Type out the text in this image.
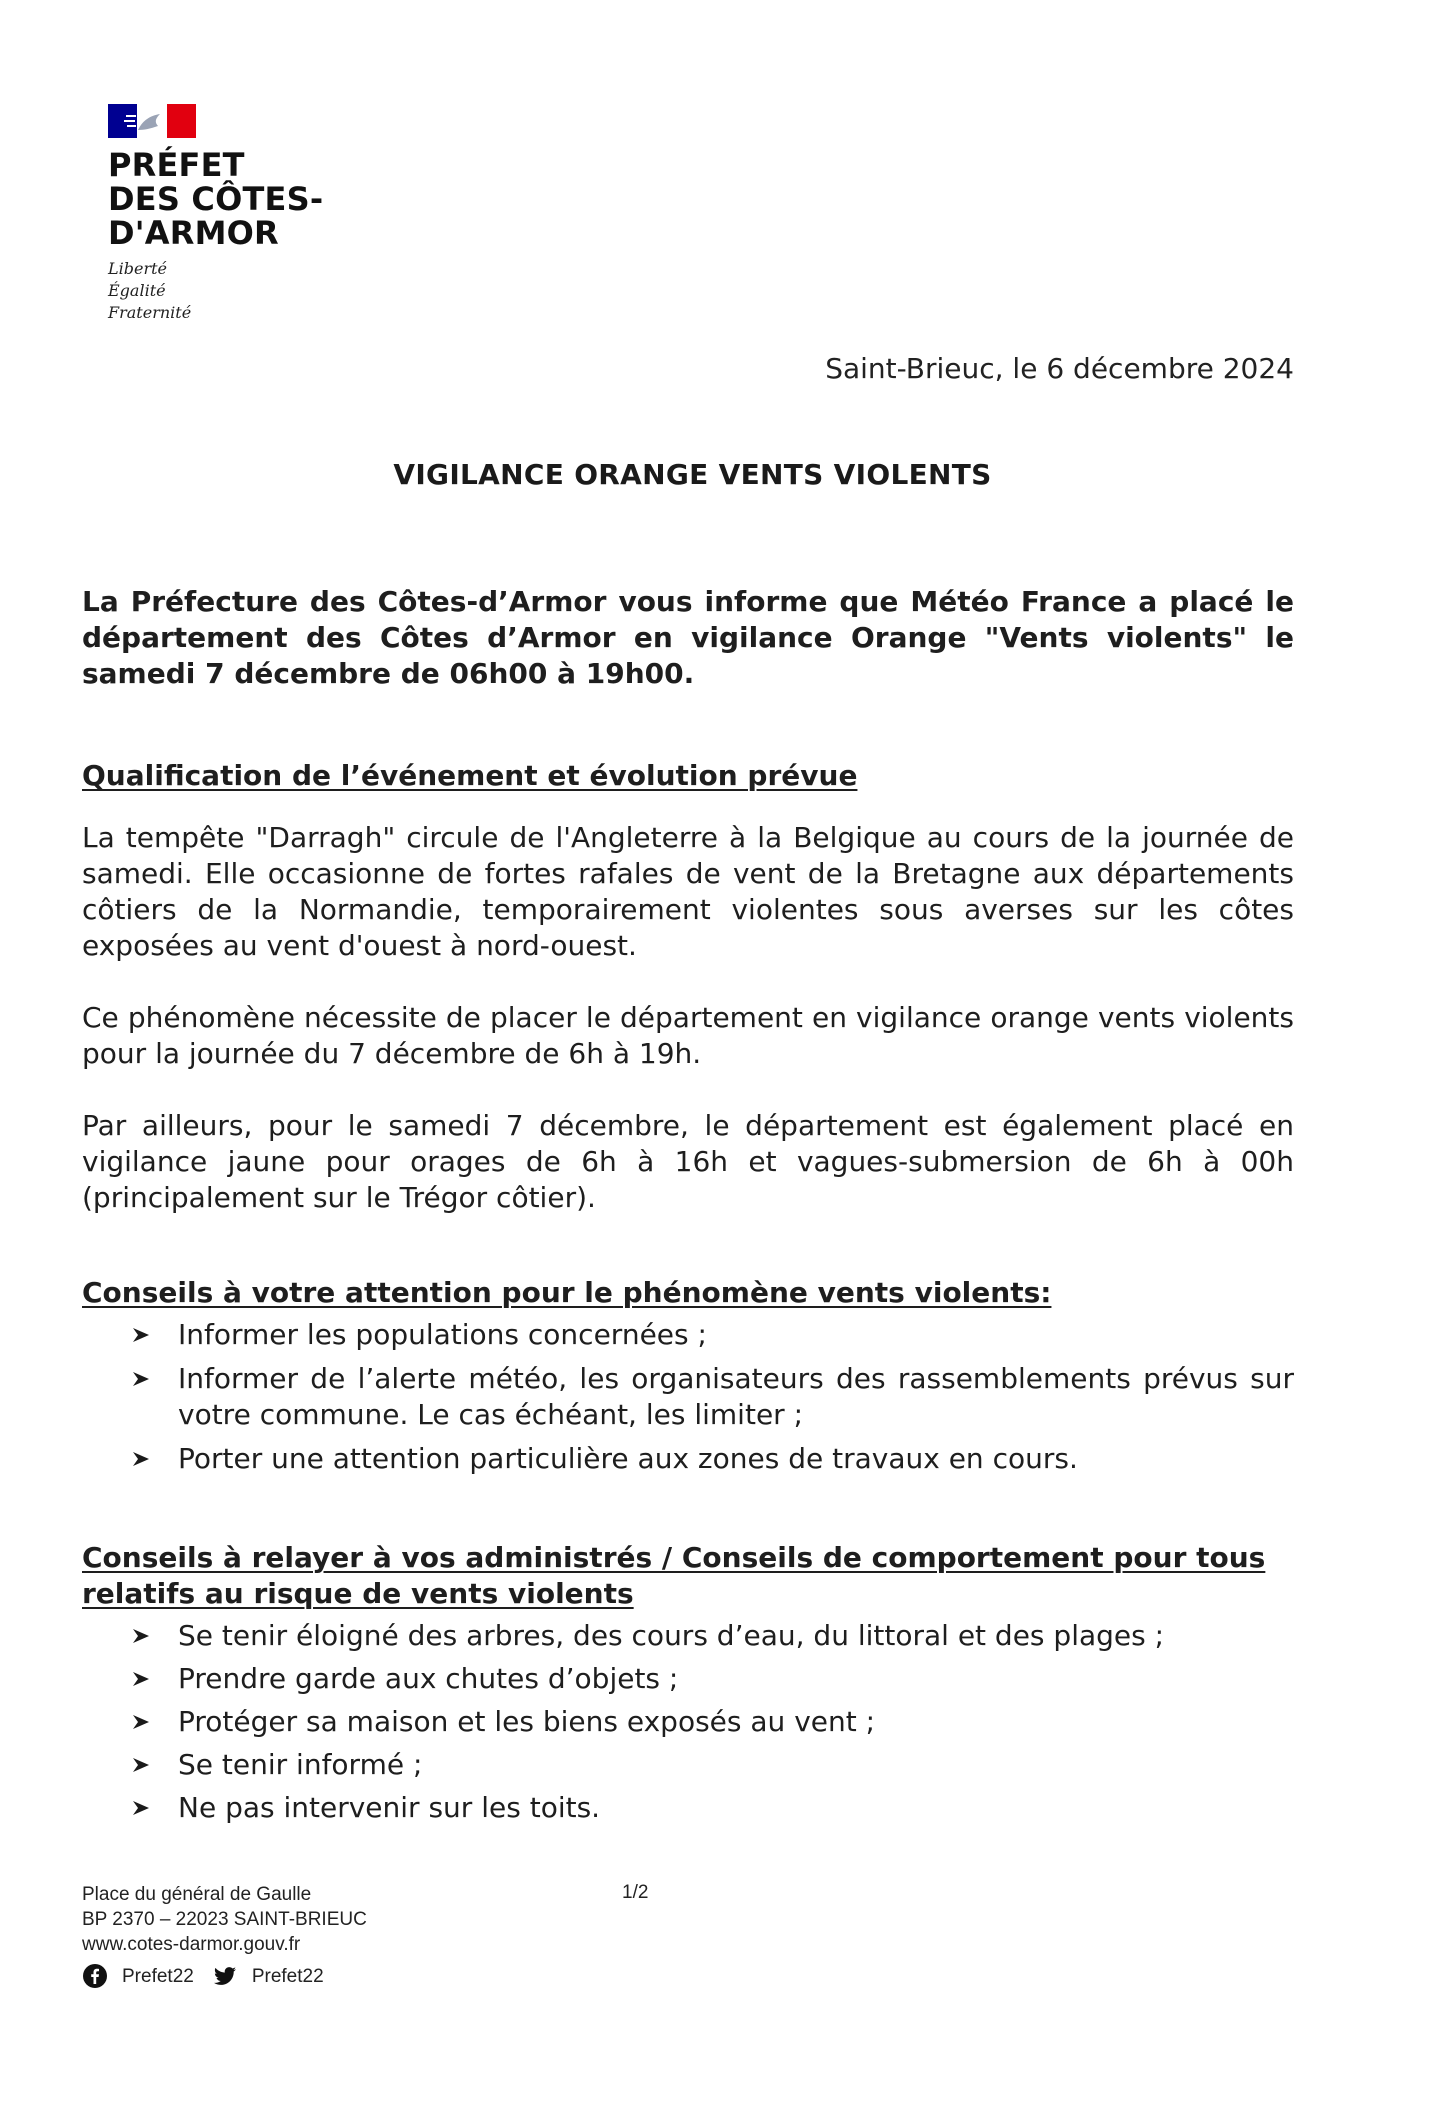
PRÉFET
DES CÔTES-
D'ARMOR
Liberté
Égalité
Fraternité
Saint-Brieuc, le 6 décembre 2024
VIGILANCE ORANGE VENTS VIOLENTS
La Préfecture des Côtes-d’Armor vous informe que Météo France a placé le département des Côtes d’Armor en vigilance Orange "Vents violents" le samedi 7 décembre de 06h00 à 19h00.
Qualification de l’événement et évolution prévue
La tempête "Darragh" circule de l'Angleterre à la Belgique au cours de la journée de samedi. Elle occasionne de fortes rafales de vent de la Bretagne aux départements côtiers de la Normandie, temporairement violentes sous averses sur les côtes exposées au vent d'ouest à nord-ouest.
Ce phénomène nécessite de placer le département en vigilance orange vents violents pour la journée du 7 décembre de 6h à 19h.
Par ailleurs, pour le samedi 7 décembre, le département est également placé en vigilance jaune pour orages de 6h à 16h et vagues-submersion de 6h à 00h (principalement sur le Trégor côtier).
Conseils à votre attention pour le phénomène vents violents:
Informer les populations concernées ;
Informer de l’alerte météo, les organisateurs des rassemblements prévus sur votre commune. Le cas échéant, les limiter ;
Porter une attention particulière aux zones de travaux en cours.
Conseils à relayer à vos administrés / Conseils de comportement pour tous relatifs au risque de vents violents
Se tenir éloigné des arbres, des cours d’eau, du littoral et des plages ;
Prendre garde aux chutes d’objets ;
Protéger sa maison et les biens exposés au vent ;
Se tenir informé ;
Ne pas intervenir sur les toits.
Place du général de Gaulle
BP 2370 – 22023 SAINT-BRIEUC
www.cotes-darmor.gouv.fr
Prefet22	Prefet22
1/2
